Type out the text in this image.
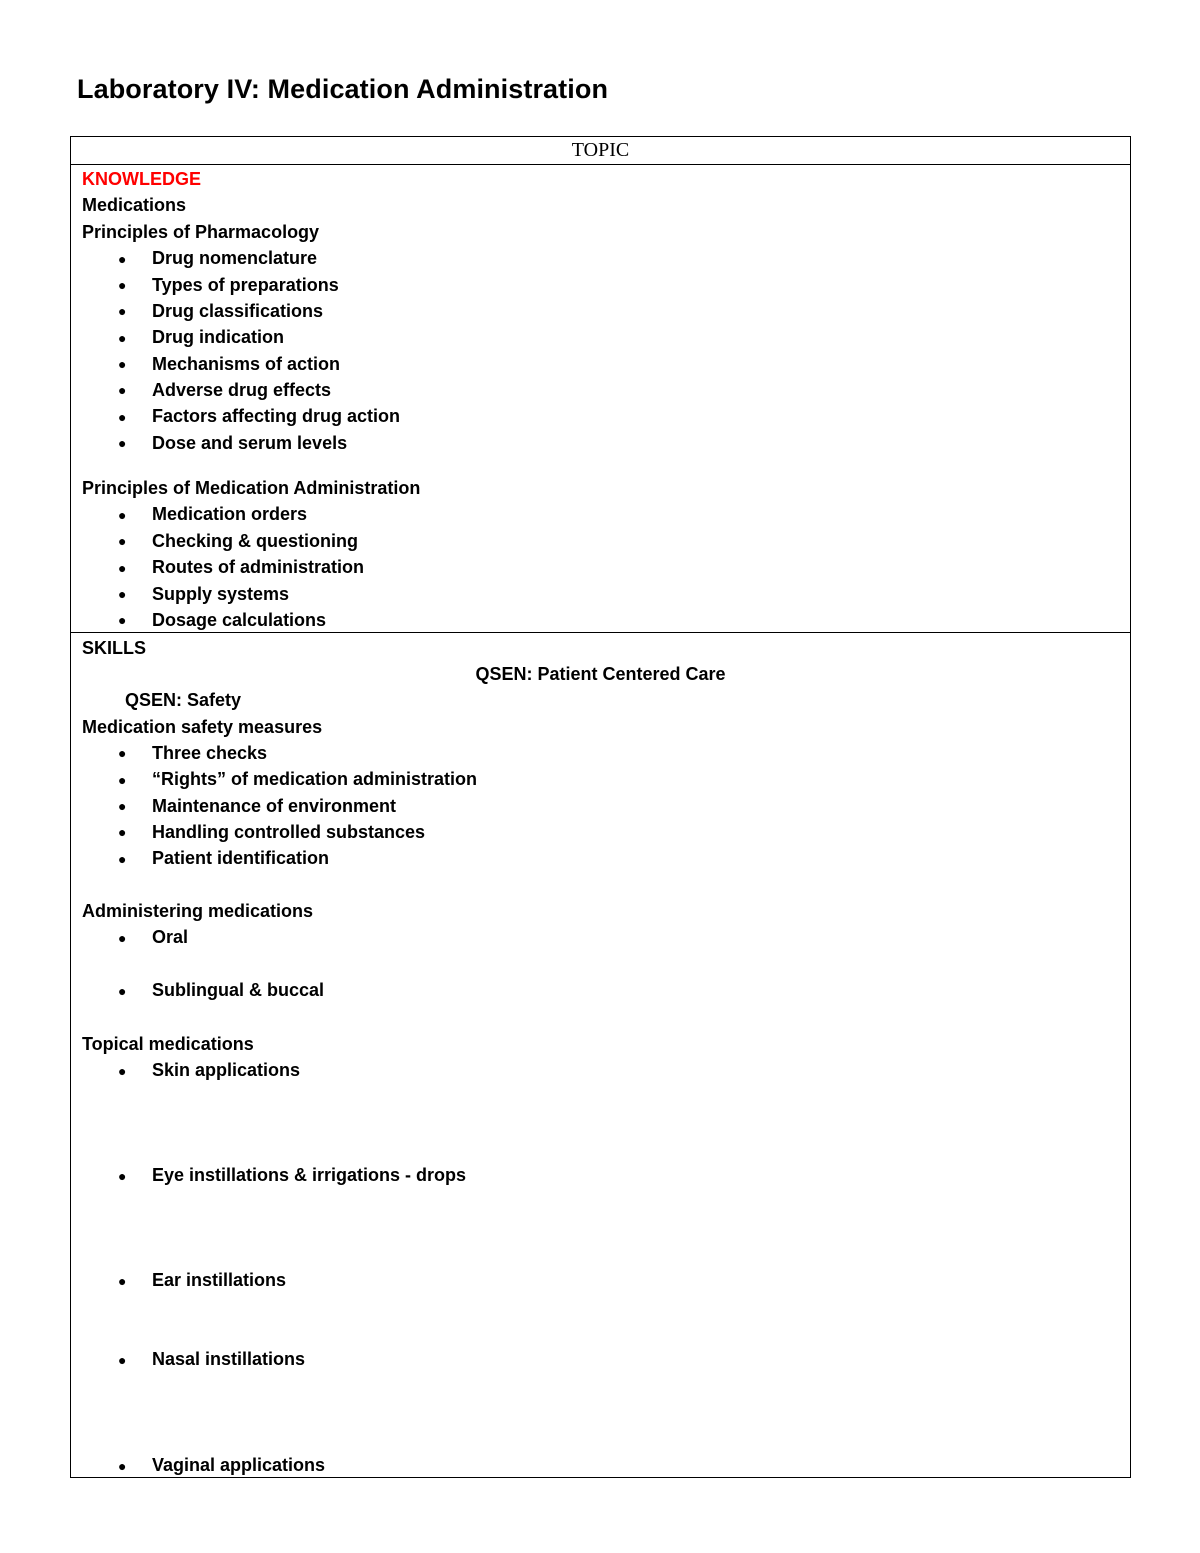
Laboratory IV: Medication Administration
TOPIC
KNOWLEDGE
Medications
Principles of Pharmacology
● Drug nomenclature
● Types of preparations
● Drug classifications
● Drug indication
● Mechanisms of action
● Adverse drug effects
● Factors affecting drug action
● Dose and serum levels
Principles of Medication Administration
● Medication orders
● Checking & questioning
● Routes of administration
● Supply systems
● Dosage calculations
SKILLS
QSEN: Patient Centered Care
QSEN: Safety
Medication safety measures
● Three checks
● “Rights” of medication administration
● Maintenance of environment
● Handling controlled substances
● Patient identification
Administering medications
● Oral
● Sublingual & buccal
Topical medications
● Skin applications
● Eye instillations & irrigations - drops
● Ear instillations
● Nasal instillations
● Vaginal applications
